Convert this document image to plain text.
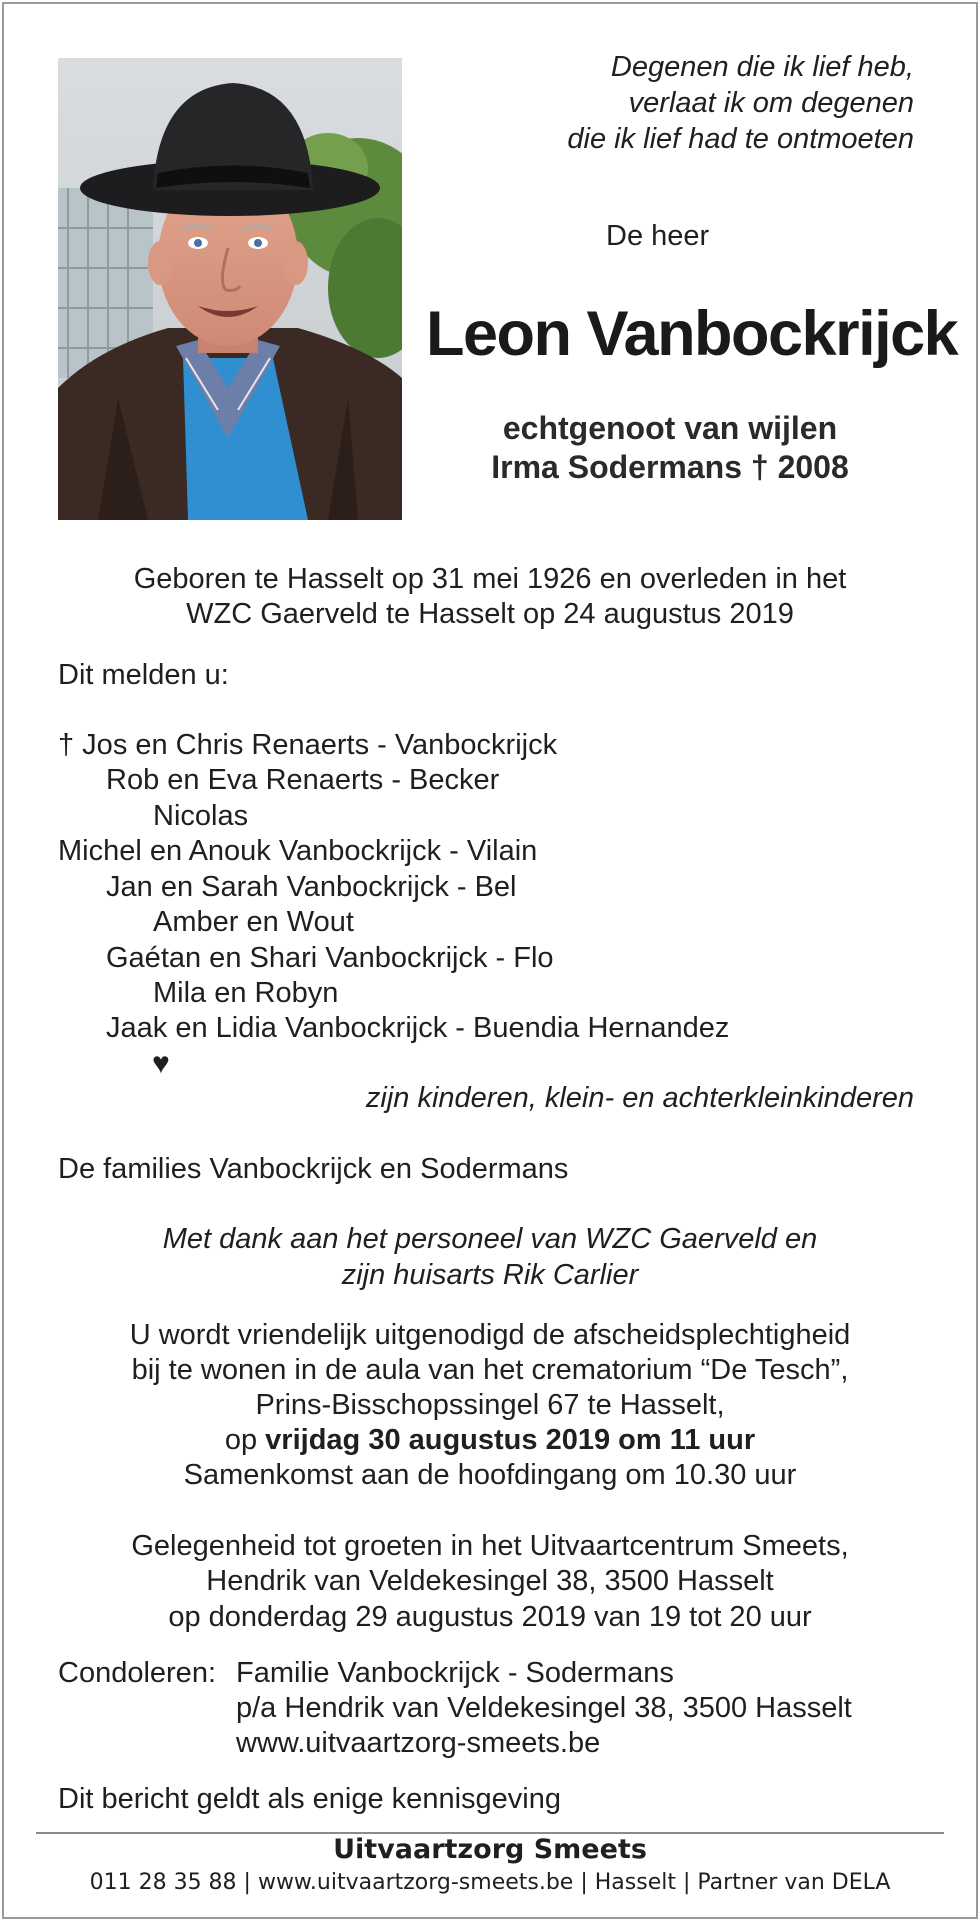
Degenen die ik lief heb,
verlaat ik om degenen
die ik lief had te ontmoeten
De heer
Leon Vanbockrijck
echtgenoot van wijlen
Irma Sodermans † 2008
Geboren te Hasselt op 31 mei 1926 en overleden in het
WZC Gaerveld te Hasselt op 24 augustus 2019
Dit melden u:
† Jos en Chris Renaerts - Vanbockrijck
Rob en Eva Renaerts - Becker
Nicolas
Michel en Anouk Vanbockrijck - Vilain
Jan en Sarah Vanbockrijck - Bel
Amber en Wout
Gaétan en Shari Vanbockrijck - Flo
Mila en Robyn
Jaak en Lidia Vanbockrijck - Buendia Hernandez
♥
zijn kinderen, klein- en achterkleinkinderen
De families Vanbockrijck en Sodermans
Met dank aan het personeel van WZC Gaerveld en
zijn huisarts Rik Carlier
U wordt vriendelijk uitgenodigd de afscheidsplechtigheid
bij te wonen in de aula van het crematorium “De Tesch”,
Prins-Bisschopssingel 67 te Hasselt,
op vrijdag 30 augustus 2019 om 11 uur
Samenkomst aan de hoofdingang om 10.30 uur
Gelegenheid tot groeten in het Uitvaartcentrum Smeets,
Hendrik van Veldekesingel 38, 3500 Hasselt
op donderdag 29 augustus 2019 van 19 tot 20 uur
Condoleren: Familie Vanbockrijck - Sodermans
p/a Hendrik van Veldekesingel 38, 3500 Hasselt
www.uitvaartzorg-smeets.be
Dit bericht geldt als enige kennisgeving
Uitvaartzorg Smeets
011 28 35 88 | www.uitvaartzorg-smeets.be | Hasselt | Partner van DELA
